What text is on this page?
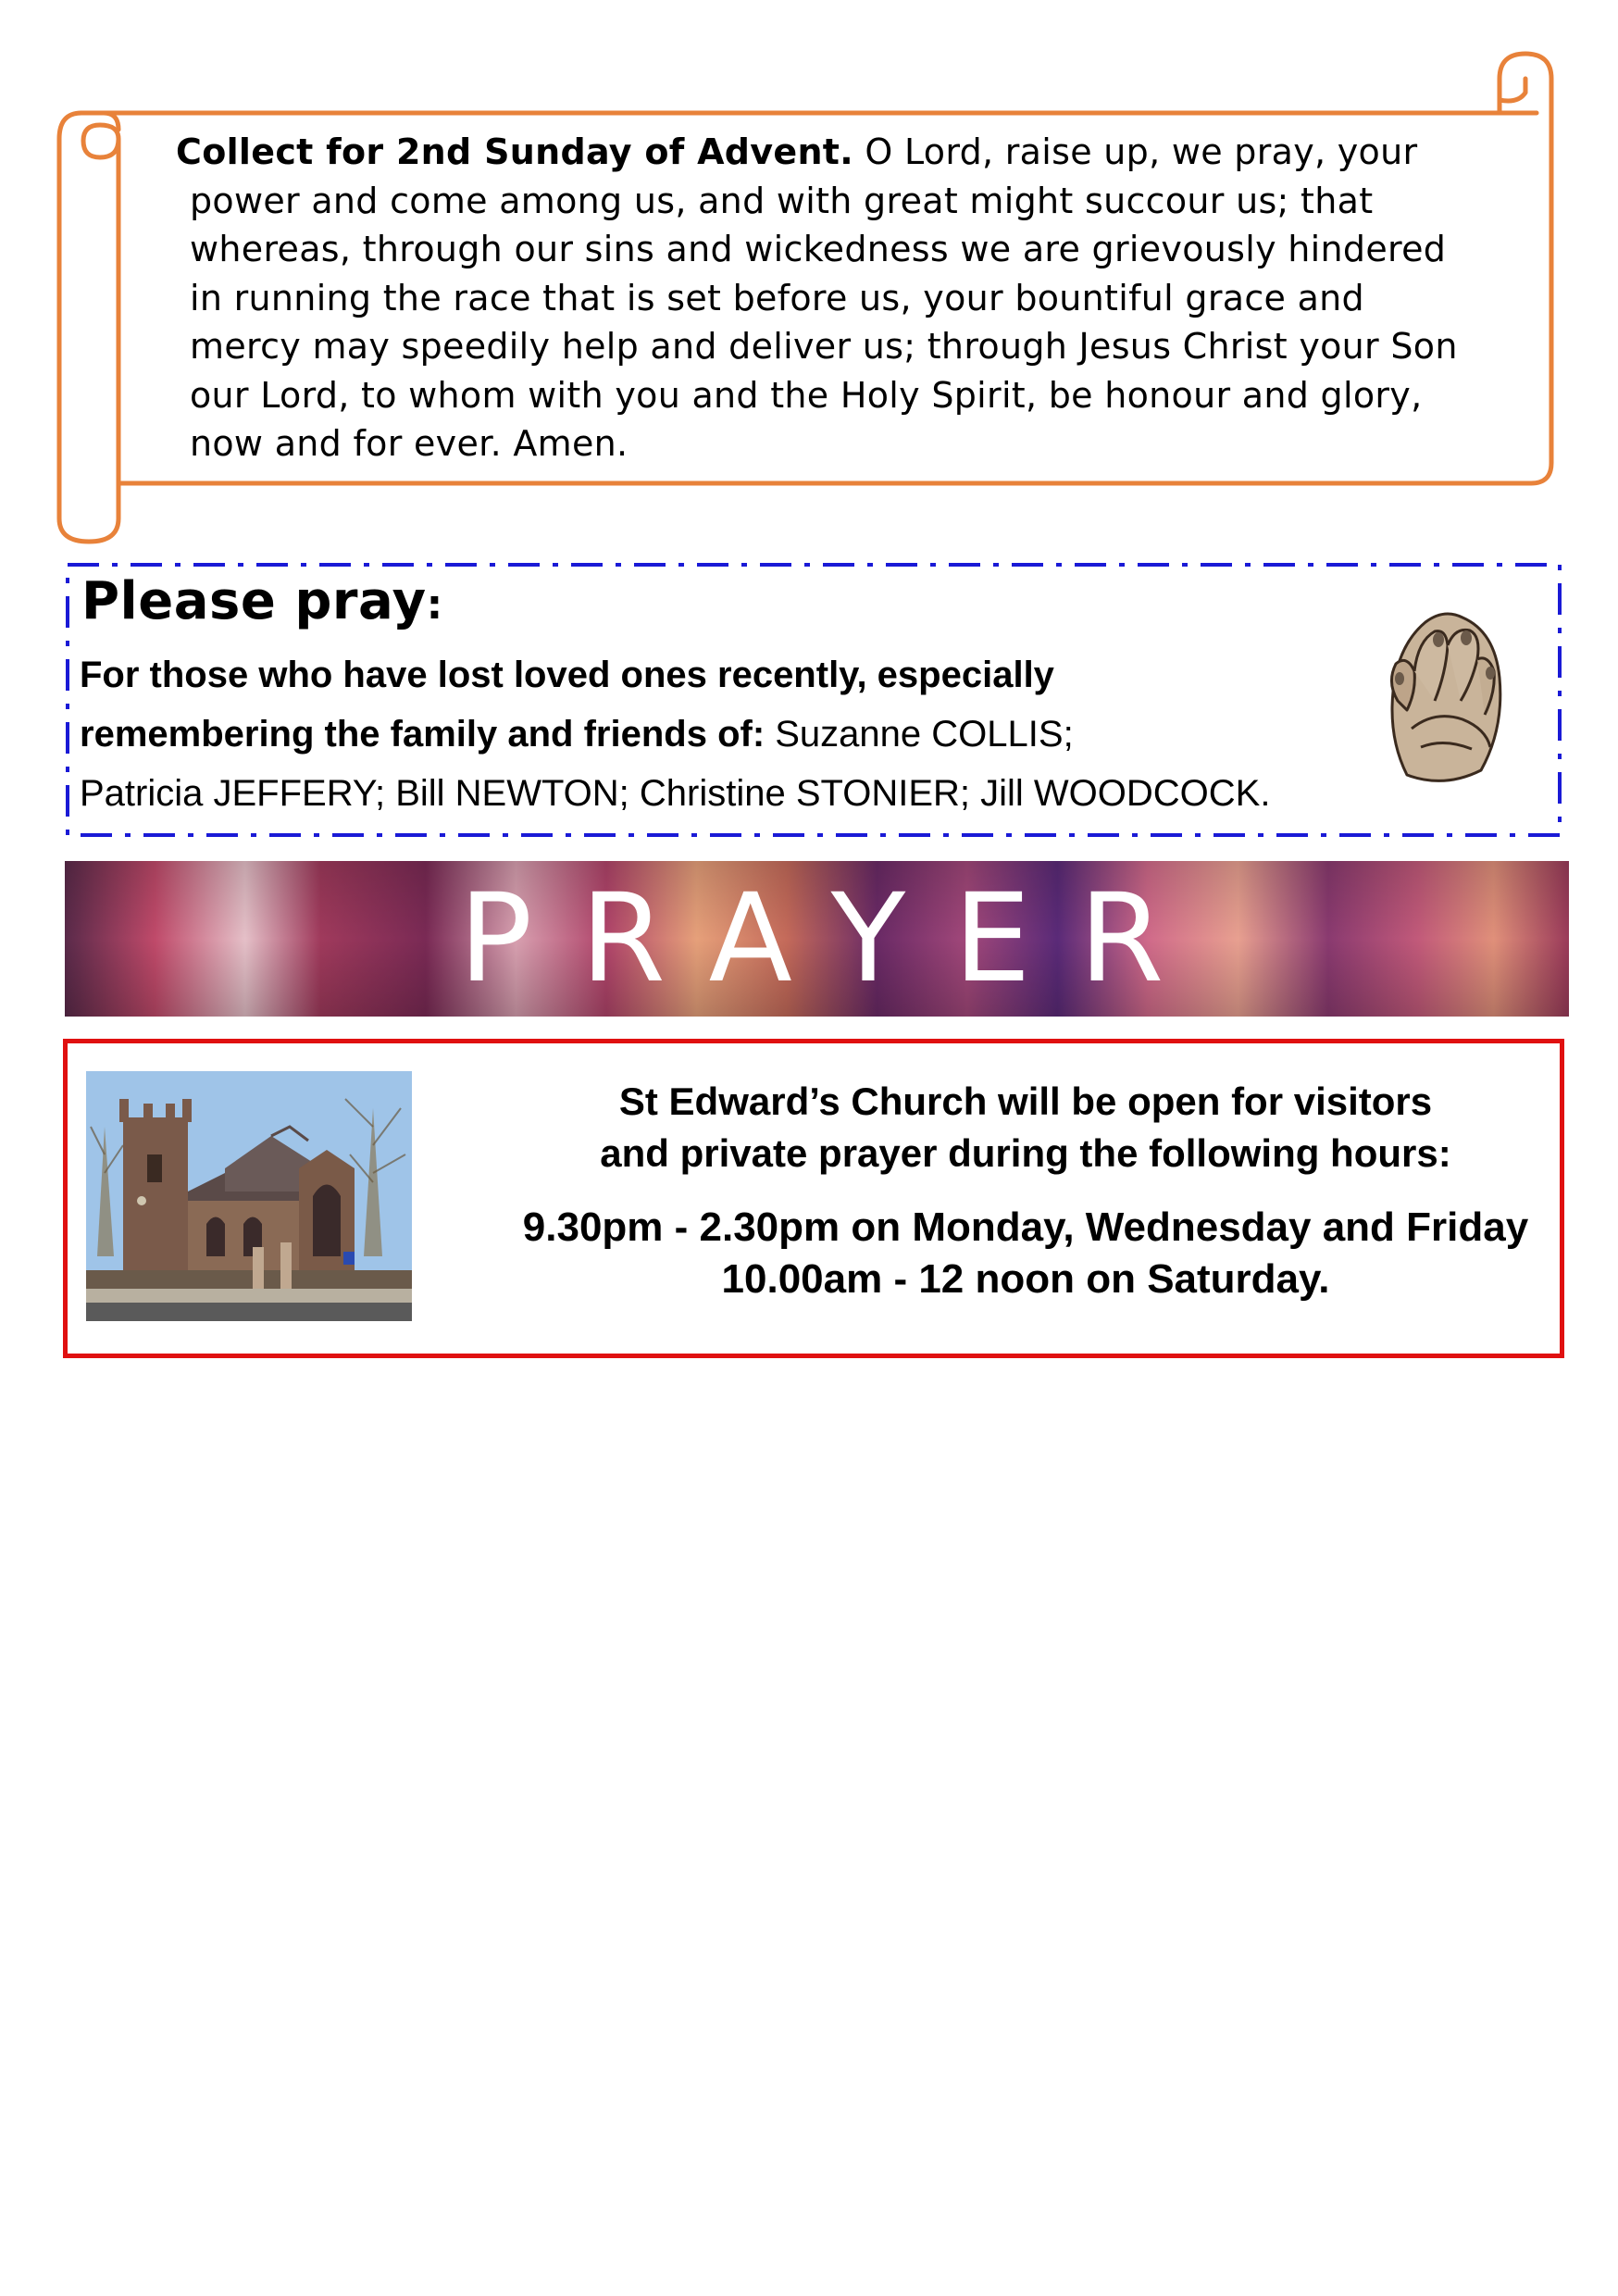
Collect for 2nd Sunday of Advent. O Lord, raise up, we pray, your
power and come among us, and with great might succour us; that
whereas, through our sins and wickedness we are grievously hindered
in running the race that is set before us, your bountiful grace and
mercy may speedily help and deliver us; through Jesus Christ your Son
our Lord, to whom with you and the Holy Spirit, be honour and glory,
now and for ever. Amen.

Please pray:

For those who have lost loved ones recently, especially
remembering the family and friends of: Suzanne COLLIS;
Patricia JEFFERY; Bill NEWTON; Christine STONIER; Jill WOODCOCK.

PRAYER
St Edward’s Church will be open for visitors
and private prayer during the following hours:
9.30pm - 2.30pm on Monday, Wednesday and Friday
10.00am - 12 noon on Saturday.
